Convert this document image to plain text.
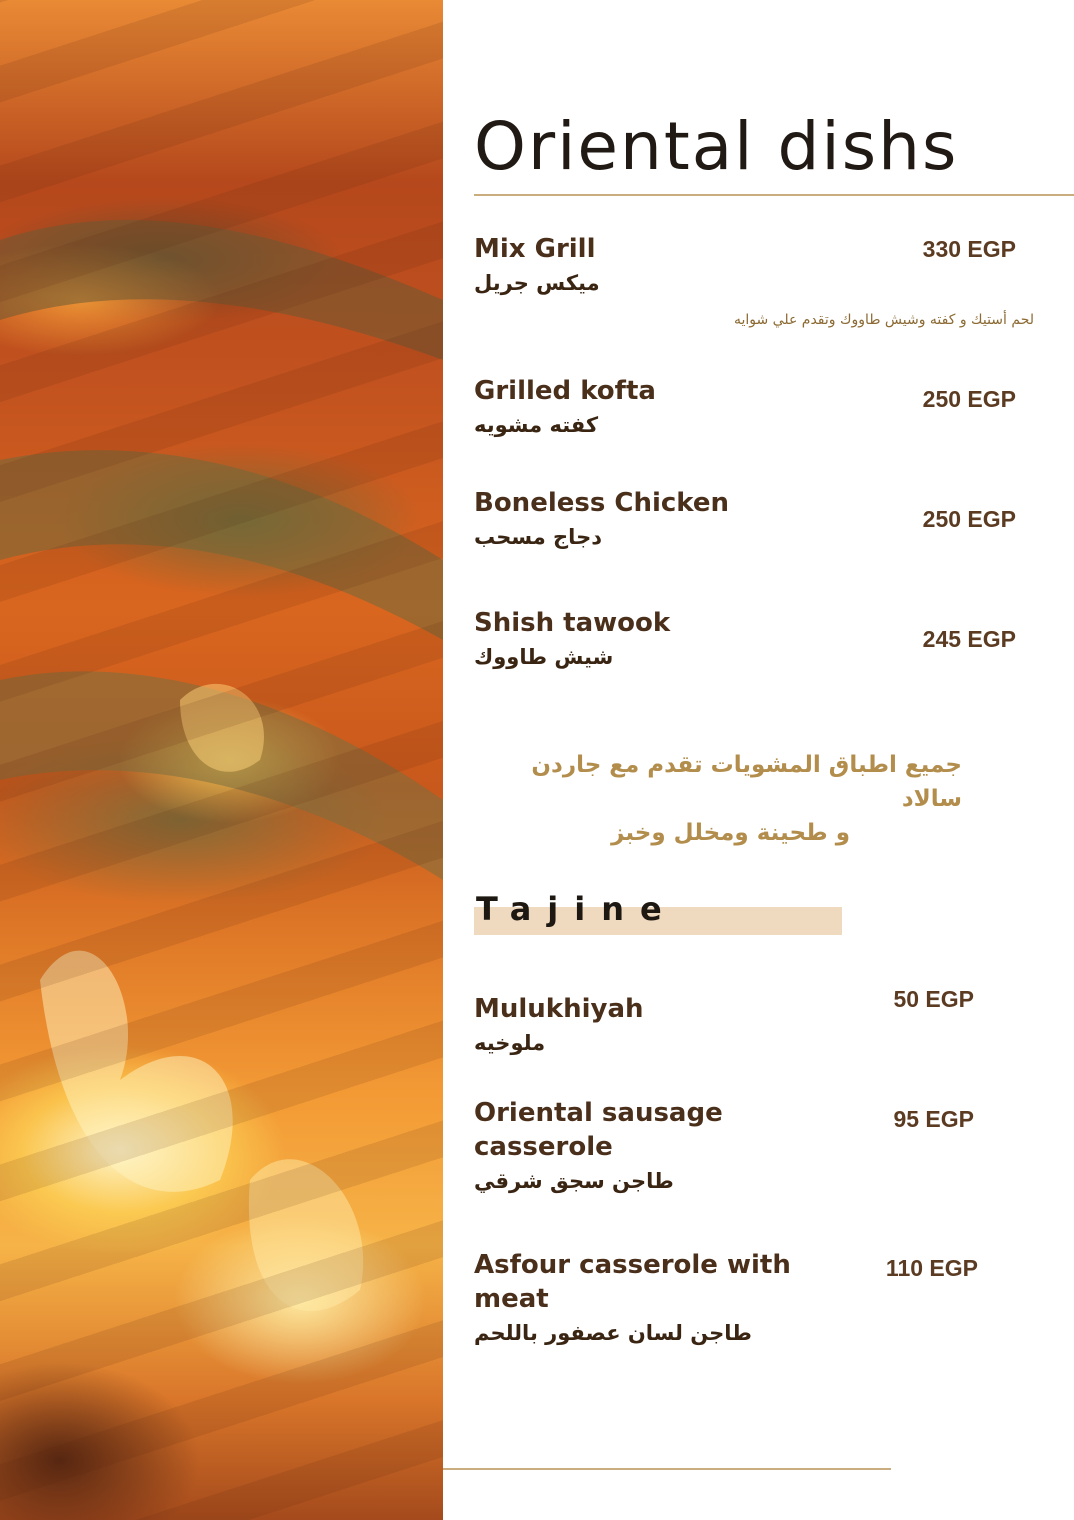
Oriental dishs
Mix Grill
ميكس جريل
لحم أستيك و كفته وشيش طاووك وتقدم علي شوايه
330 EGP
Grilled kofta
كفته مشويه
250 EGP
Boneless Chicken
دجاج مسحب
250 EGP
Shish tawook
شيش طاووك
245 EGP
جميع اطباق المشويات تقدم مع جاردن سالاد
و طحينة ومخلل وخبز
Tajine
Mulukhiyah
ملوخيه
50 EGP
Oriental sausage casserole
طاجن سجق شرقي
95 EGP
Asfour casserole with meat
طاجن لسان عصفور باللحم
110 EGP
